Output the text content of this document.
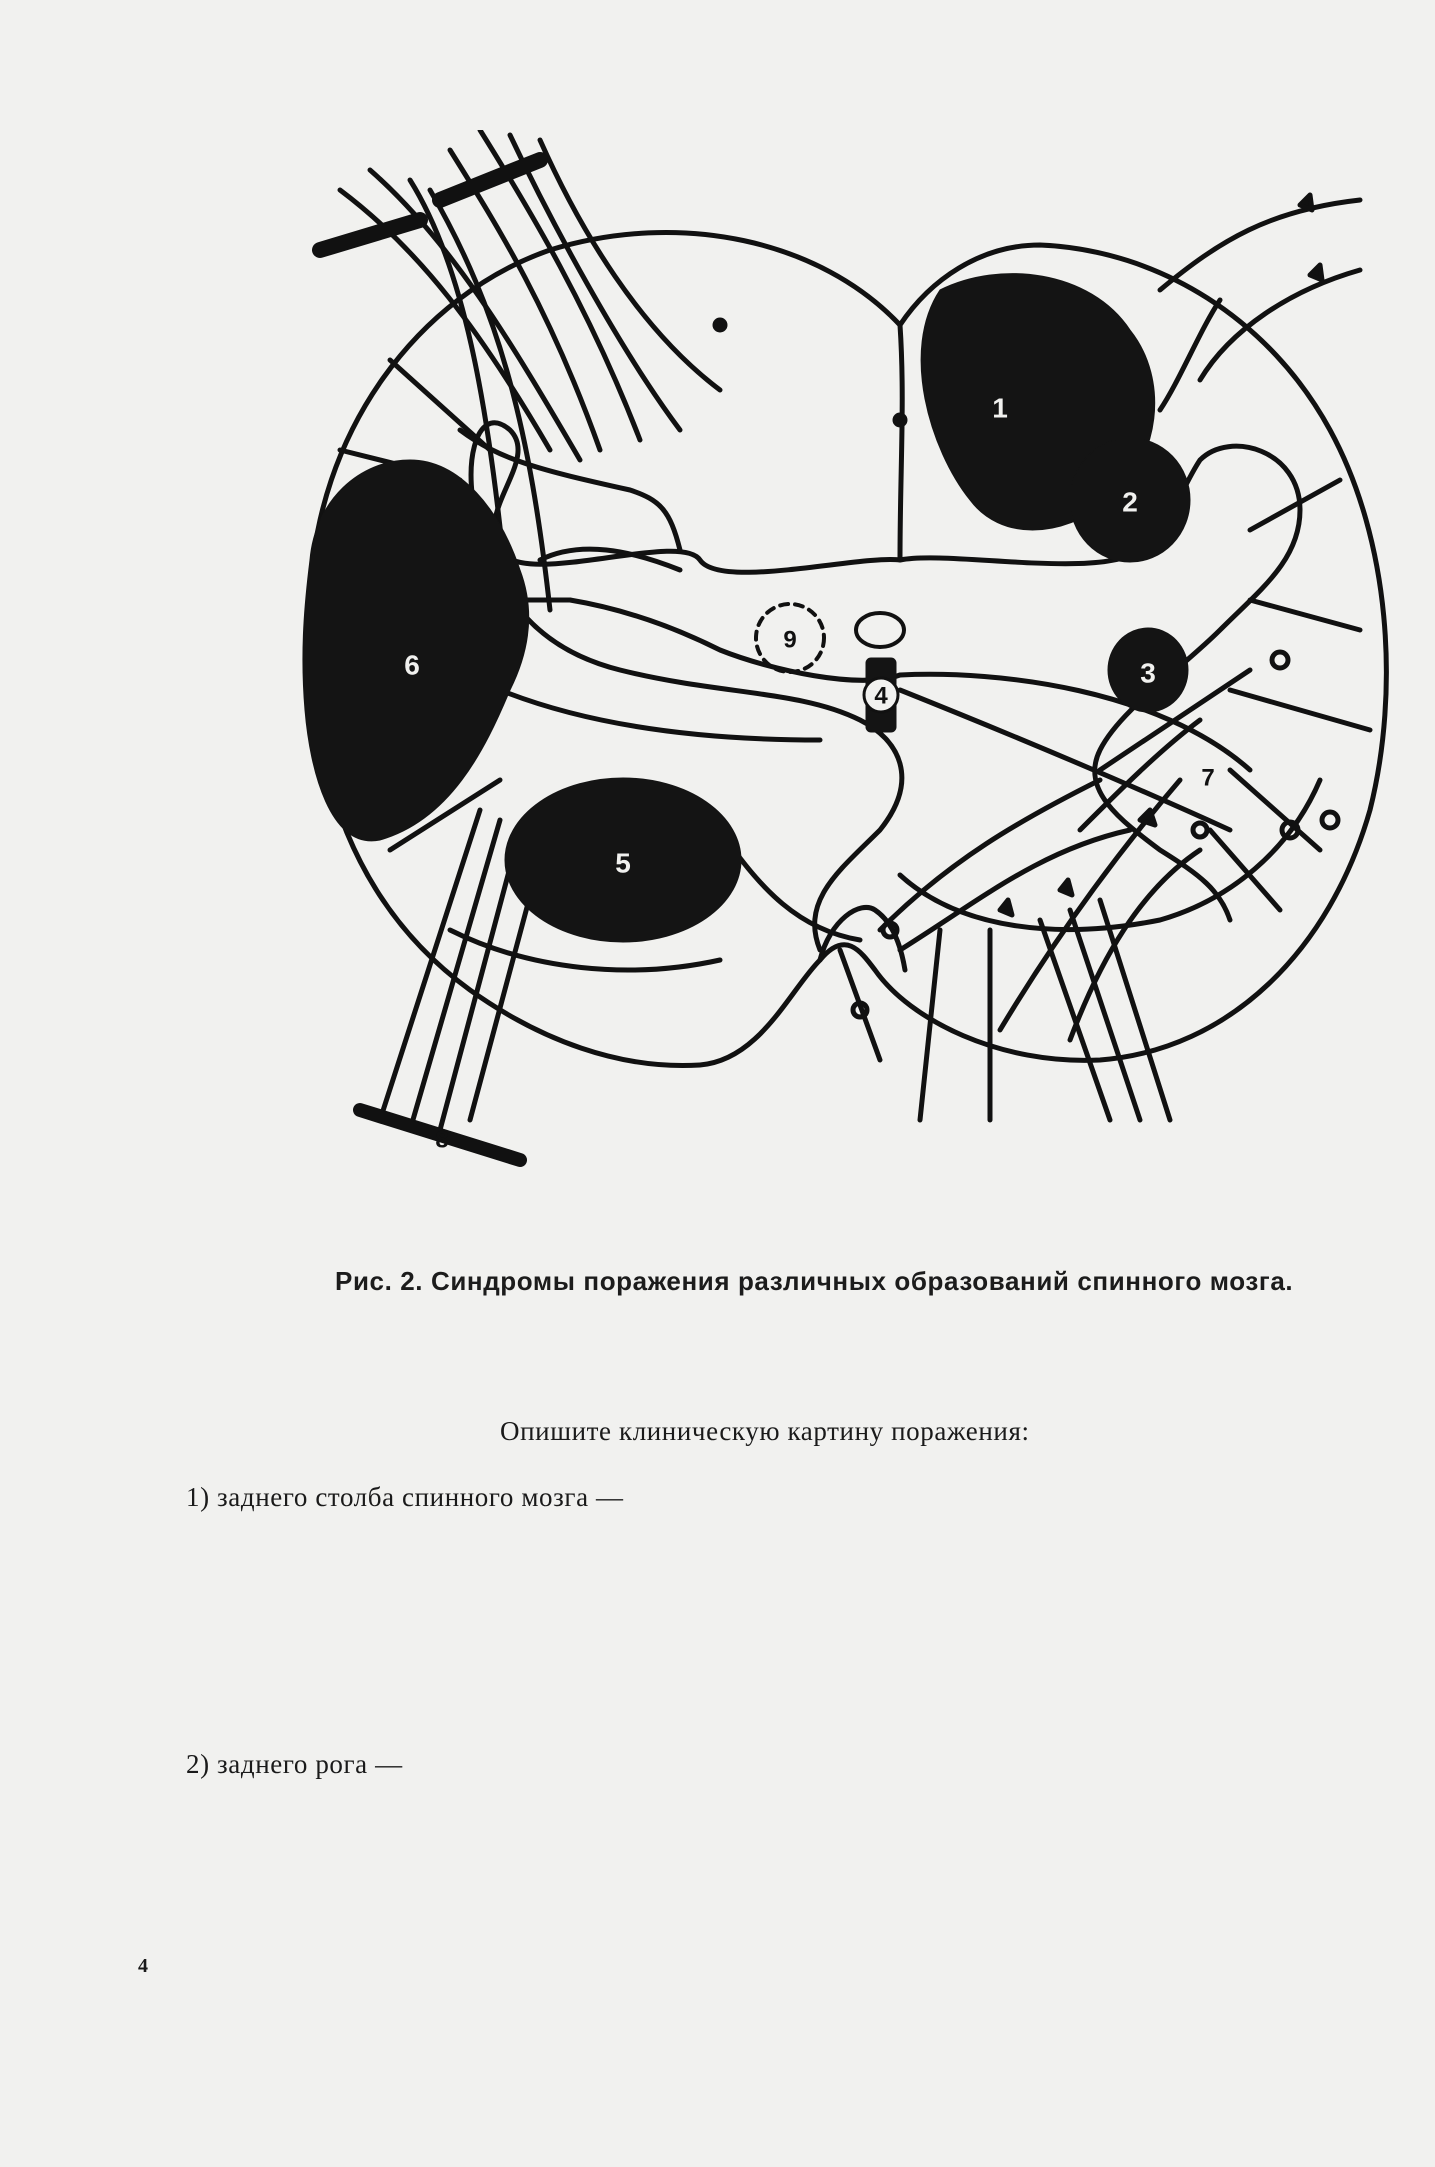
1
2
3
4
5
6
7
8
9
Рис. 2. Синдромы поражения различных образований спинного мозга.
Опишите клиническую картину поражения:
1) заднего столба спинного мозга —
2) заднего рога —
4
